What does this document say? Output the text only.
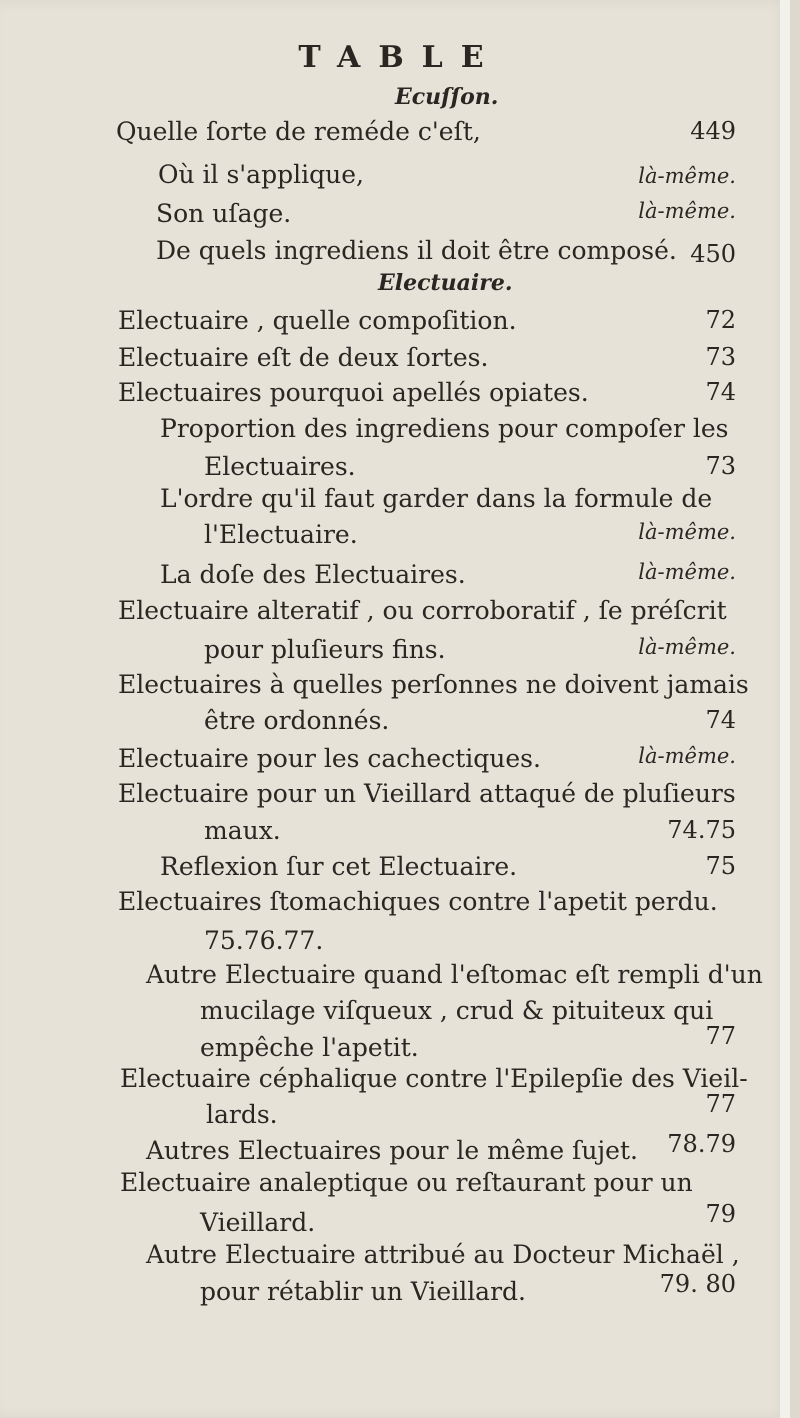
TABLE
Ecuſſon.
Quelle ſorte de reméde c'eſt,	449
Où il s'applique,	là-même.
Son uſage.	là-même.
De quels ingrediens il doit être composé. 450
Electuaire.
Electuaire , quelle compoſition.	72
Electuaire eſt de deux ſortes.	73
Electuaires pourquoi apellés opiates.	74
Proportion des ingrediens pour compoſer les
Electuaires.	73
L'ordre qu'il faut garder dans la formule de
l'Electuaire.	là-même.
La doſe des Electuaires.	là-même.
Electuaire alteratif , ou corroboratif , ſe préſcrit
pour pluſieurs fins.	là-même.
Electuaires à quelles perſonnes ne doivent jamais
être ordonnés.	74
Electuaire pour les cachectiques.	là-même.
Electuaire pour un Vieillard attaqué de pluſieurs
maux.	74.75
Reflexion ſur cet Electuaire.	75
Electuaires ſtomachiques contre l'apetit perdu.
75.76.77.
Autre Electuaire quand l'eſtomac eſt rempli d'un
mucilage viſqueux , crud & pituiteux qui
empêche l'apetit.	77
Electuaire céphalique contre l'Epilepſie des Vieil-
lards.	77
Autres Electuaires pour le même ſujet. 78.79
Electuaire analeptique ou reſtaurant pour un
Vieillard.	79
Autre Electuaire attribué au Docteur Michaël ,
pour rétablir un Vieillard.	79. 80
